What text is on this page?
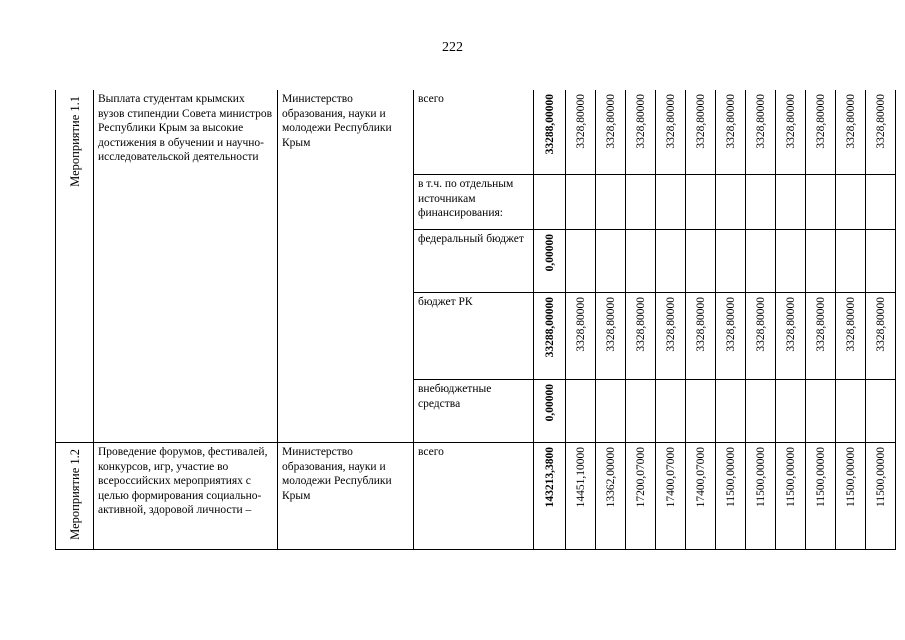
222
Мероприятие 1.1	Выплата студентам крымских вузов стипендии Совета министров Республики Крым за высокие достижения в обучении и научно-исследовательской деятельности	Министерство образования, науки и молодежи Республики Крым	всего	33288,00000	3328,80000	3328,80000	3328,80000	3328,80000	3328,80000	3328,80000	3328,80000	3328,80000	3328,80000	3328,80000	3328,80000

			в т.ч. по отдельным источникам финансирования:	

			федеральный бюджет	0,00000											

			бюджет РК	33288,00000	3328,80000	3328,80000	3328,80000	3328,80000	3328,80000	3328,80000	3328,80000	3328,80000	3328,80000	3328,80000	3328,80000

			внебюджетные средства	0,00000											

Мероприятие 1.2	Проведение форумов, фестивалей, конкурсов, игр, участие во всероссийских мероприятиях с целью формирования социально-активной, здоровой личности –	Министерство образования, науки и молодежи Республики Крым	всего	143213,3800	14451,10000	13362,00000	17200,07000	17400,07000	17400,07000	11500,00000	11500,00000	11500,00000	11500,00000	11500,00000	11500,00000
